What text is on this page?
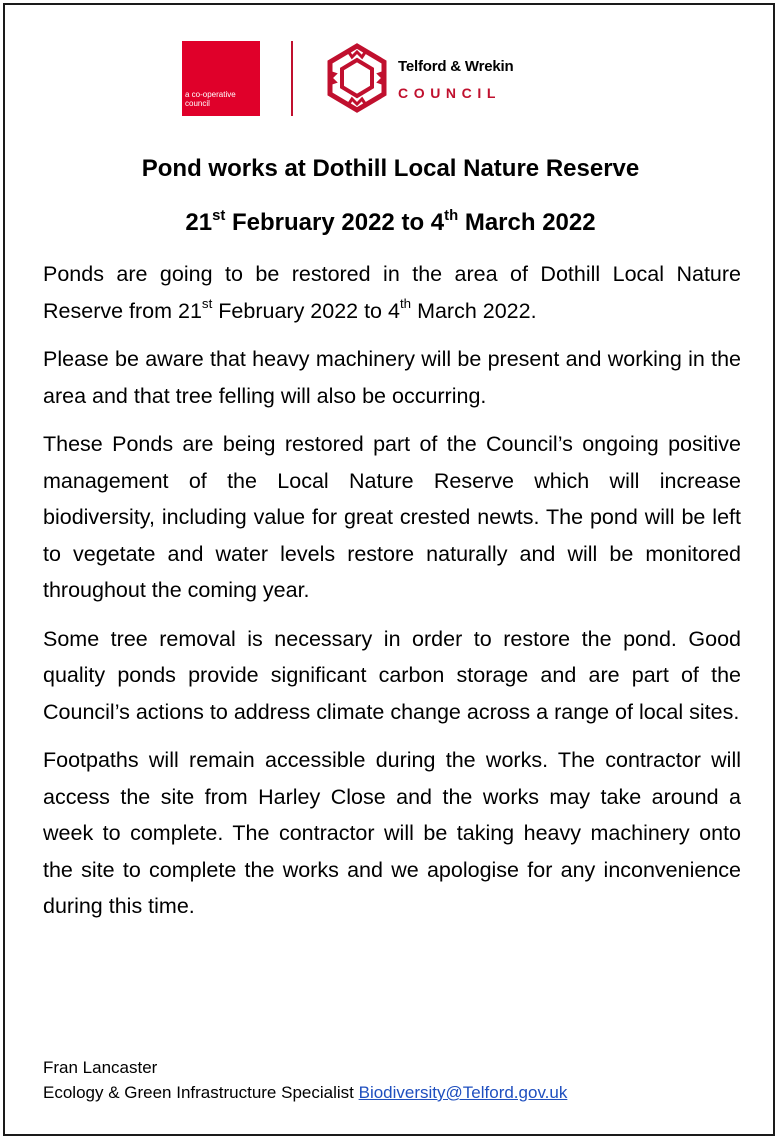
a co-operative council
Telford & Wrekin
COUNCIL
Pond works at Dothill Local Nature Reserve
21st February 2022 to 4th March 2022

Ponds are going to be restored in the area of Dothill Local Nature Reserve from 21st February 2022 to 4th March 2022.

Please be aware that heavy machinery will be present and working in the area and that tree felling will also be occurring.

These Ponds are being restored part of the Council’s ongoing positive management of the Local Nature Reserve which will increase biodiversity, including value for great crested newts. The pond will be left to vegetate and water levels restore naturally and will be monitored throughout the coming year.

Some tree removal is necessary in order to restore the pond. Good quality ponds provide significant carbon storage and are part of the Council’s actions to address climate change across a range of local sites.

Footpaths will remain accessible during the works. The contractor will access the site from Harley Close and the works may take around a week to complete. The contractor will be taking heavy machinery onto the site to complete the works and we apologise for any inconvenience during this time.

Fran Lancaster
Ecology & Green Infrastructure Specialist Biodiversity@Telford.gov.uk
